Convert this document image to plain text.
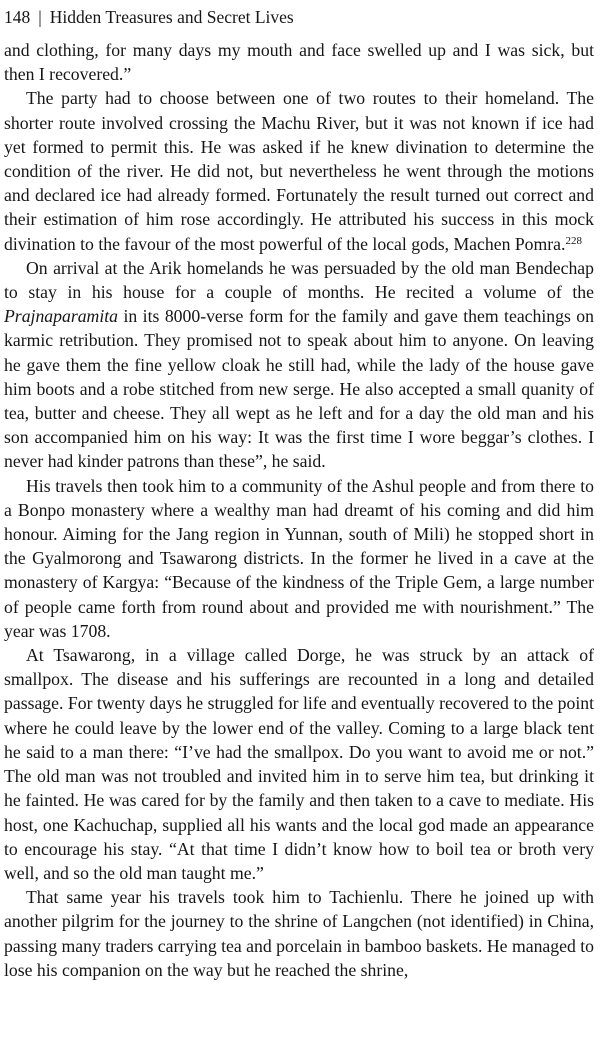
148 | Hidden Treasures and Secret Lives

and clothing, for many days my mouth and face swelled up and I was sick, but then I recovered.”

The party had to choose between one of two routes to their homeland. The shorter route involved crossing the Machu River, but it was not known if ice had yet formed to permit this. He was asked if he knew divination to determine the condition of the river. He did not, but nevertheless he went through the motions and declared ice had already formed. Fortunately the result turned out correct and their estimation of him rose accordingly. He attributed his success in this mock divination to the favour of the most powerful of the local gods, Machen Pomra.$^{228}$

On arrival at the Arik homelands he was persuaded by the old man Bendechap to stay in his house for a couple of months. He recited a volume of the Prajnaparamita in its 8000-verse form for the family and gave them teachings on karmic retribution. They promised not to speak about him to anyone. On leaving he gave them the fine yellow cloak he still had, while the lady of the house gave him boots and a robe stitched from new serge. He also accepted a small quanity of tea, butter and cheese. They all wept as he left and for a day the old man and his son accompanied him on his way: It was the first time I wore beggar’s clothes. I never had kinder patrons than these”, he said.

His travels then took him to a community of the Ashul people and from there to a Bonpo monastery where a wealthy man had dreamt of his coming and did him honour. Aiming for the Jang region in Yunnan, south of Mili) he stopped short in the Gyalmorong and Tsawarong districts. In the former he lived in a cave at the monastery of Kargya: “Because of the kindness of the Triple Gem, a large number of people came forth from round about and provided me with nourishment.” The year was 1708.

At Tsawarong, in a village called Dorge, he was struck by an attack of smallpox. The disease and his sufferings are recounted in a long and detailed passage. For twenty days he struggled for life and eventually recovered to the point where he could leave by the lower end of the valley. Coming to a large black tent he said to a man there: “I’ve had the smallpox. Do you want to avoid me or not.” The old man was not troubled and invited him in to serve him tea, but drinking it he fainted. He was cared for by the family and then taken to a cave to mediate. His host, one Kachuchap, supplied all his wants and the local god made an appearance to encourage his stay. “At that time I didn’t know how to boil tea or broth very well, and so the old man taught me.”

That same year his travels took him to Tachienlu. There he joined up with another pilgrim for the journey to the shrine of Langchen (not identified) in China, passing many traders carrying tea and porcelain in bamboo baskets. He managed to lose his companion on the way but he reached the shrine,
